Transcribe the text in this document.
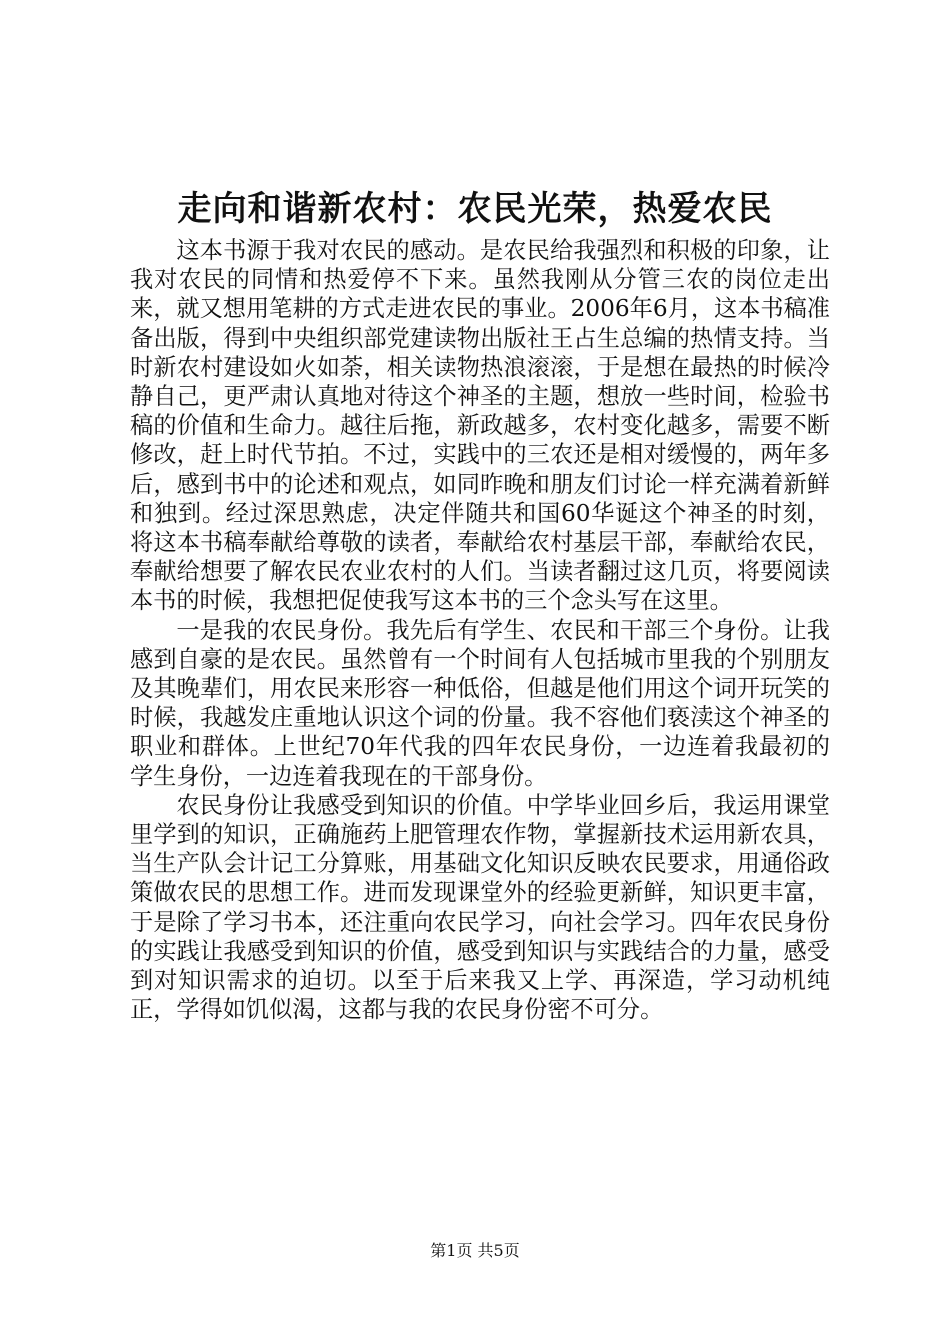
走向和谐新农村：农民光荣，热爱农民

这本书源于我对农民的感动。是农民给我强烈和积极的印象，让我对农民的同情和热爱停不下来。虽然我刚从分管三农的岗位走出来，就又想用笔耕的方式走进农民的事业。2006年6月，这本书稿准备出版，得到中央组织部党建读物出版社王占生总编的热情支持。当时新农村建设如火如荼，相关读物热浪滚滚，于是想在最热的时候冷静自己，更严肃认真地对待这个神圣的主题，想放一些时间，检验书稿的价值和生命力。越往后拖，新政越多，农村变化越多，需要不断修改，赶上时代节拍。不过，实践中的三农还是相对缓慢的，两年多后，感到书中的论述和观点，如同昨晚和朋友们讨论一样充满着新鲜和独到。经过深思熟虑，决定伴随共和国60华诞这个神圣的时刻，将这本书稿奉献给尊敬的读者，奉献给农村基层干部，奉献给农民，奉献给想要了解农民农业农村的人们。当读者翻过这几页，将要阅读本书的时候，我想把促使我写这本书的三个念头写在这里。

一是我的农民身份。我先后有学生、农民和干部三个身份。让我感到自豪的是农民。虽然曾有一个时间有人包括城市里我的个别朋友及其晚辈们，用农民来形容一种低俗，但越是他们用这个词开玩笑的时候，我越发庄重地认识这个词的份量。我不容他们亵渎这个神圣的职业和群体。上世纪70年代我的四年农民身份，一边连着我最初的学生身份，一边连着我现在的干部身份。

农民身份让我感受到知识的价值。中学毕业回乡后，我运用课堂里学到的知识，正确施药上肥管理农作物，掌握新技术运用新农具，当生产队会计记工分算账，用基础文化知识反映农民要求，用通俗政策做农民的思想工作。进而发现课堂外的经验更新鲜，知识更丰富，于是除了学习书本，还注重向农民学习，向社会学习。四年农民身份的实践让我感受到知识的价值，感受到知识与实践结合的力量，感受到对知识需求的迫切。以至于后来我又上学、再深造，学习动机纯正，学得如饥似渴，这都与我的农民身份密不可分。

第1页 共5页
